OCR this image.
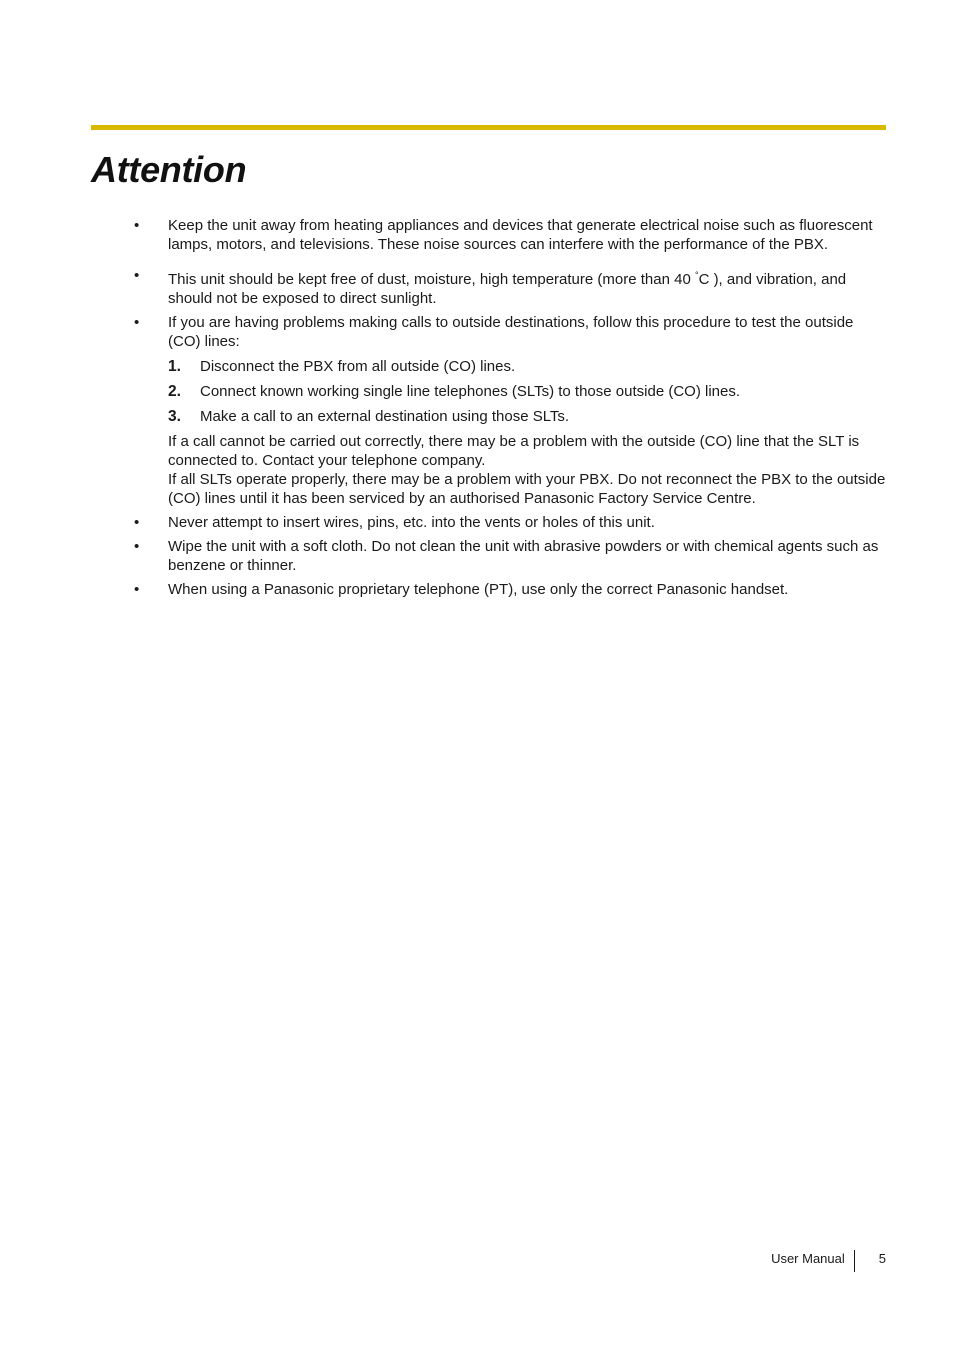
Attention
•	Keep the unit away from heating appliances and devices that generate electrical noise such as fluorescent lamps, motors, and televisions. These noise sources can interfere with the performance of the PBX.
•	This unit should be kept free of dust, moisture, high temperature (more than 40 °C ), and vibration, and should not be exposed to direct sunlight.
•	If you are having problems making calls to outside destinations, follow this procedure to test the outside (CO) lines:
1. Disconnect the PBX from all outside (CO) lines.
2. Connect known working single line telephones (SLTs) to those outside (CO) lines.
3. Make a call to an external destination using those SLTs.
If a call cannot be carried out correctly, there may be a problem with the outside (CO) line that the SLT is connected to. Contact your telephone company.
If all SLTs operate properly, there may be a problem with your PBX. Do not reconnect the PBX to the outside (CO) lines until it has been serviced by an authorised Panasonic Factory Service Centre.
•	Never attempt to insert wires, pins, etc. into the vents or holes of this unit.
•	Wipe the unit with a soft cloth. Do not clean the unit with abrasive powders or with chemical agents such as benzene or thinner.
•	When using a Panasonic proprietary telephone (PT), use only the correct Panasonic handset.
User Manual	5
